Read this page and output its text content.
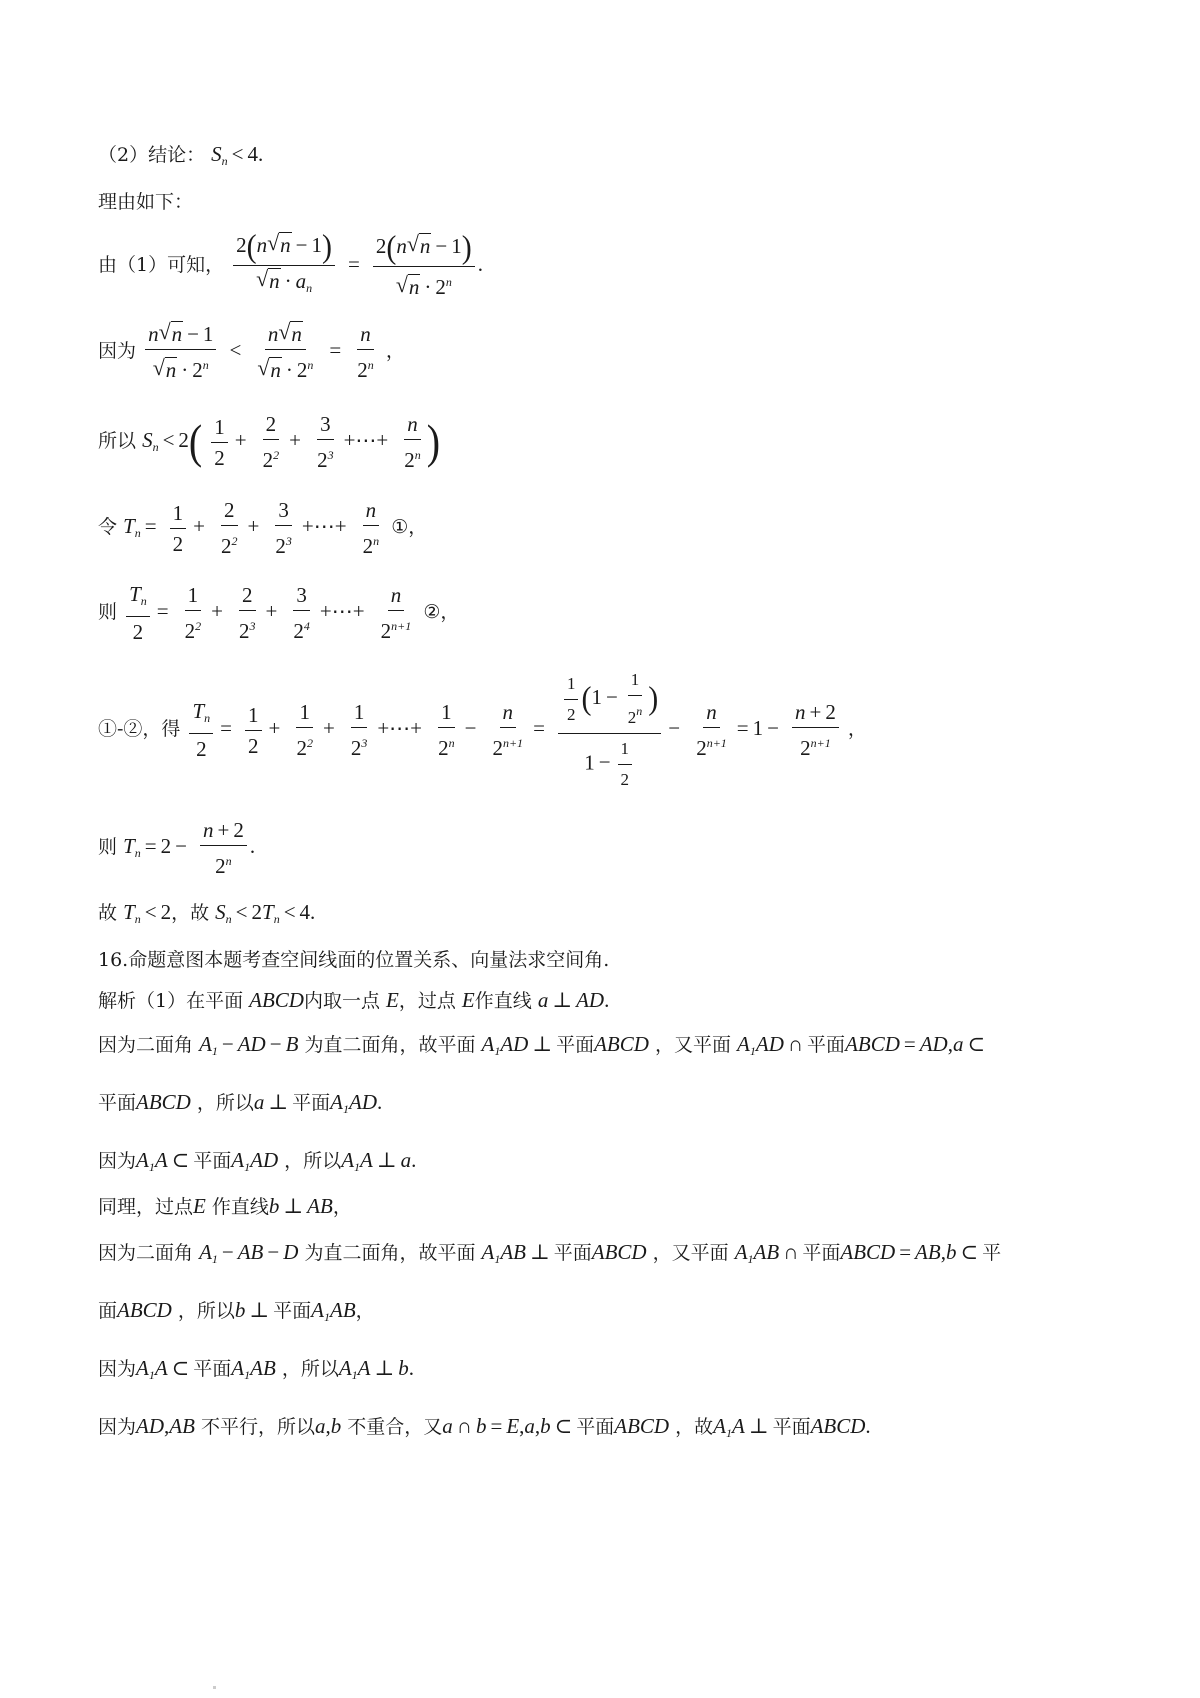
（2）结论： $S_n < 4$.
理由如下：
由（1）可知， 2(n√ n − 1)
√ $n \cdot a_n = 2(n√$ n − 1)
√ $n \cdot 2^n$ .
因为 n√ n − 1
√ $n \cdot 2^n < n√$ n
√ $n \cdot 2^n = \frac{n}{2^n}$ ，
所以 $S_n < 2( \frac{1}{2} + \frac{2}{2^2} + \frac{3}{2^3}$ +⋯+ $\frac{n}{2^n}$ )
令 $T_n = \frac{1}{2} + \frac{2}{2^2} + \frac{3}{2^3}$ +⋯+ $\frac{n}{2^n}$ ①，
则 $\frac{T_n}{2} = \frac{1}{2^2} + \frac{2}{2^3} + \frac{3}{2^4}$ +⋯+ $\frac{n}{2^{n+1}}$ ②，
①-②，得 $\frac{T_n}{2} = \frac{1}{2} + \frac{1}{2^2} + \frac{1}{2^3}$ +⋯+ $\frac{1}{2^n} - \frac{n}{2^{n+1}} = \frac{\frac{1}{2} (1 - \frac{1}{2^n} )}{1 - \frac{1}{2}} - \frac{n}{2^{n+1}} = 1 - \frac{n + 2}{2^{n+1}}$ ，
则 $T_n = 2 - \frac{n + 2}{2^n}$ .
故 $T_n < 2$，故 $S_n < 2T_n < 4$.
16.命题意图本题考查空间线面的位置关系、向量法求空间角.
解析（1）在平面 ABCD内取一点 E，过点 E作直线 a ⊥ AD.
因为二面角 $A_1$ − AD − B 为直二面角，故平面 $A_1AD$ ⊥ 平面ABCD ，又平面 $A_1AD$ ∩ 平面ABCD = AD,a ⊂
平面ABCD ，所以a ⊥ 平面$A_1AD$.
因为$A_1A$ ⊂ 平面$A_1AD$ ，所以$A_1A$ ⊥ a.
同理，过点E 作直线b ⊥ AB，
因为二面角 $A_1$ − AB − D 为直二面角，故平面 $A_1AB$ ⊥ 平面ABCD ，又平面 $A_1AB$ ∩ 平面ABCD = AB,b ⊂ 平
面ABCD ，所以b ⊥ 平面$A_1AB$，
因为$A_1A$ ⊂ 平面$A_1AB$ ，所以$A_1A$ ⊥ b.
因为AD,AB 不平行，所以a,b 不重合，又a ∩ b = E,a,b ⊂ 平面ABCD ，故$A_1A$ ⊥ 平面ABCD.
